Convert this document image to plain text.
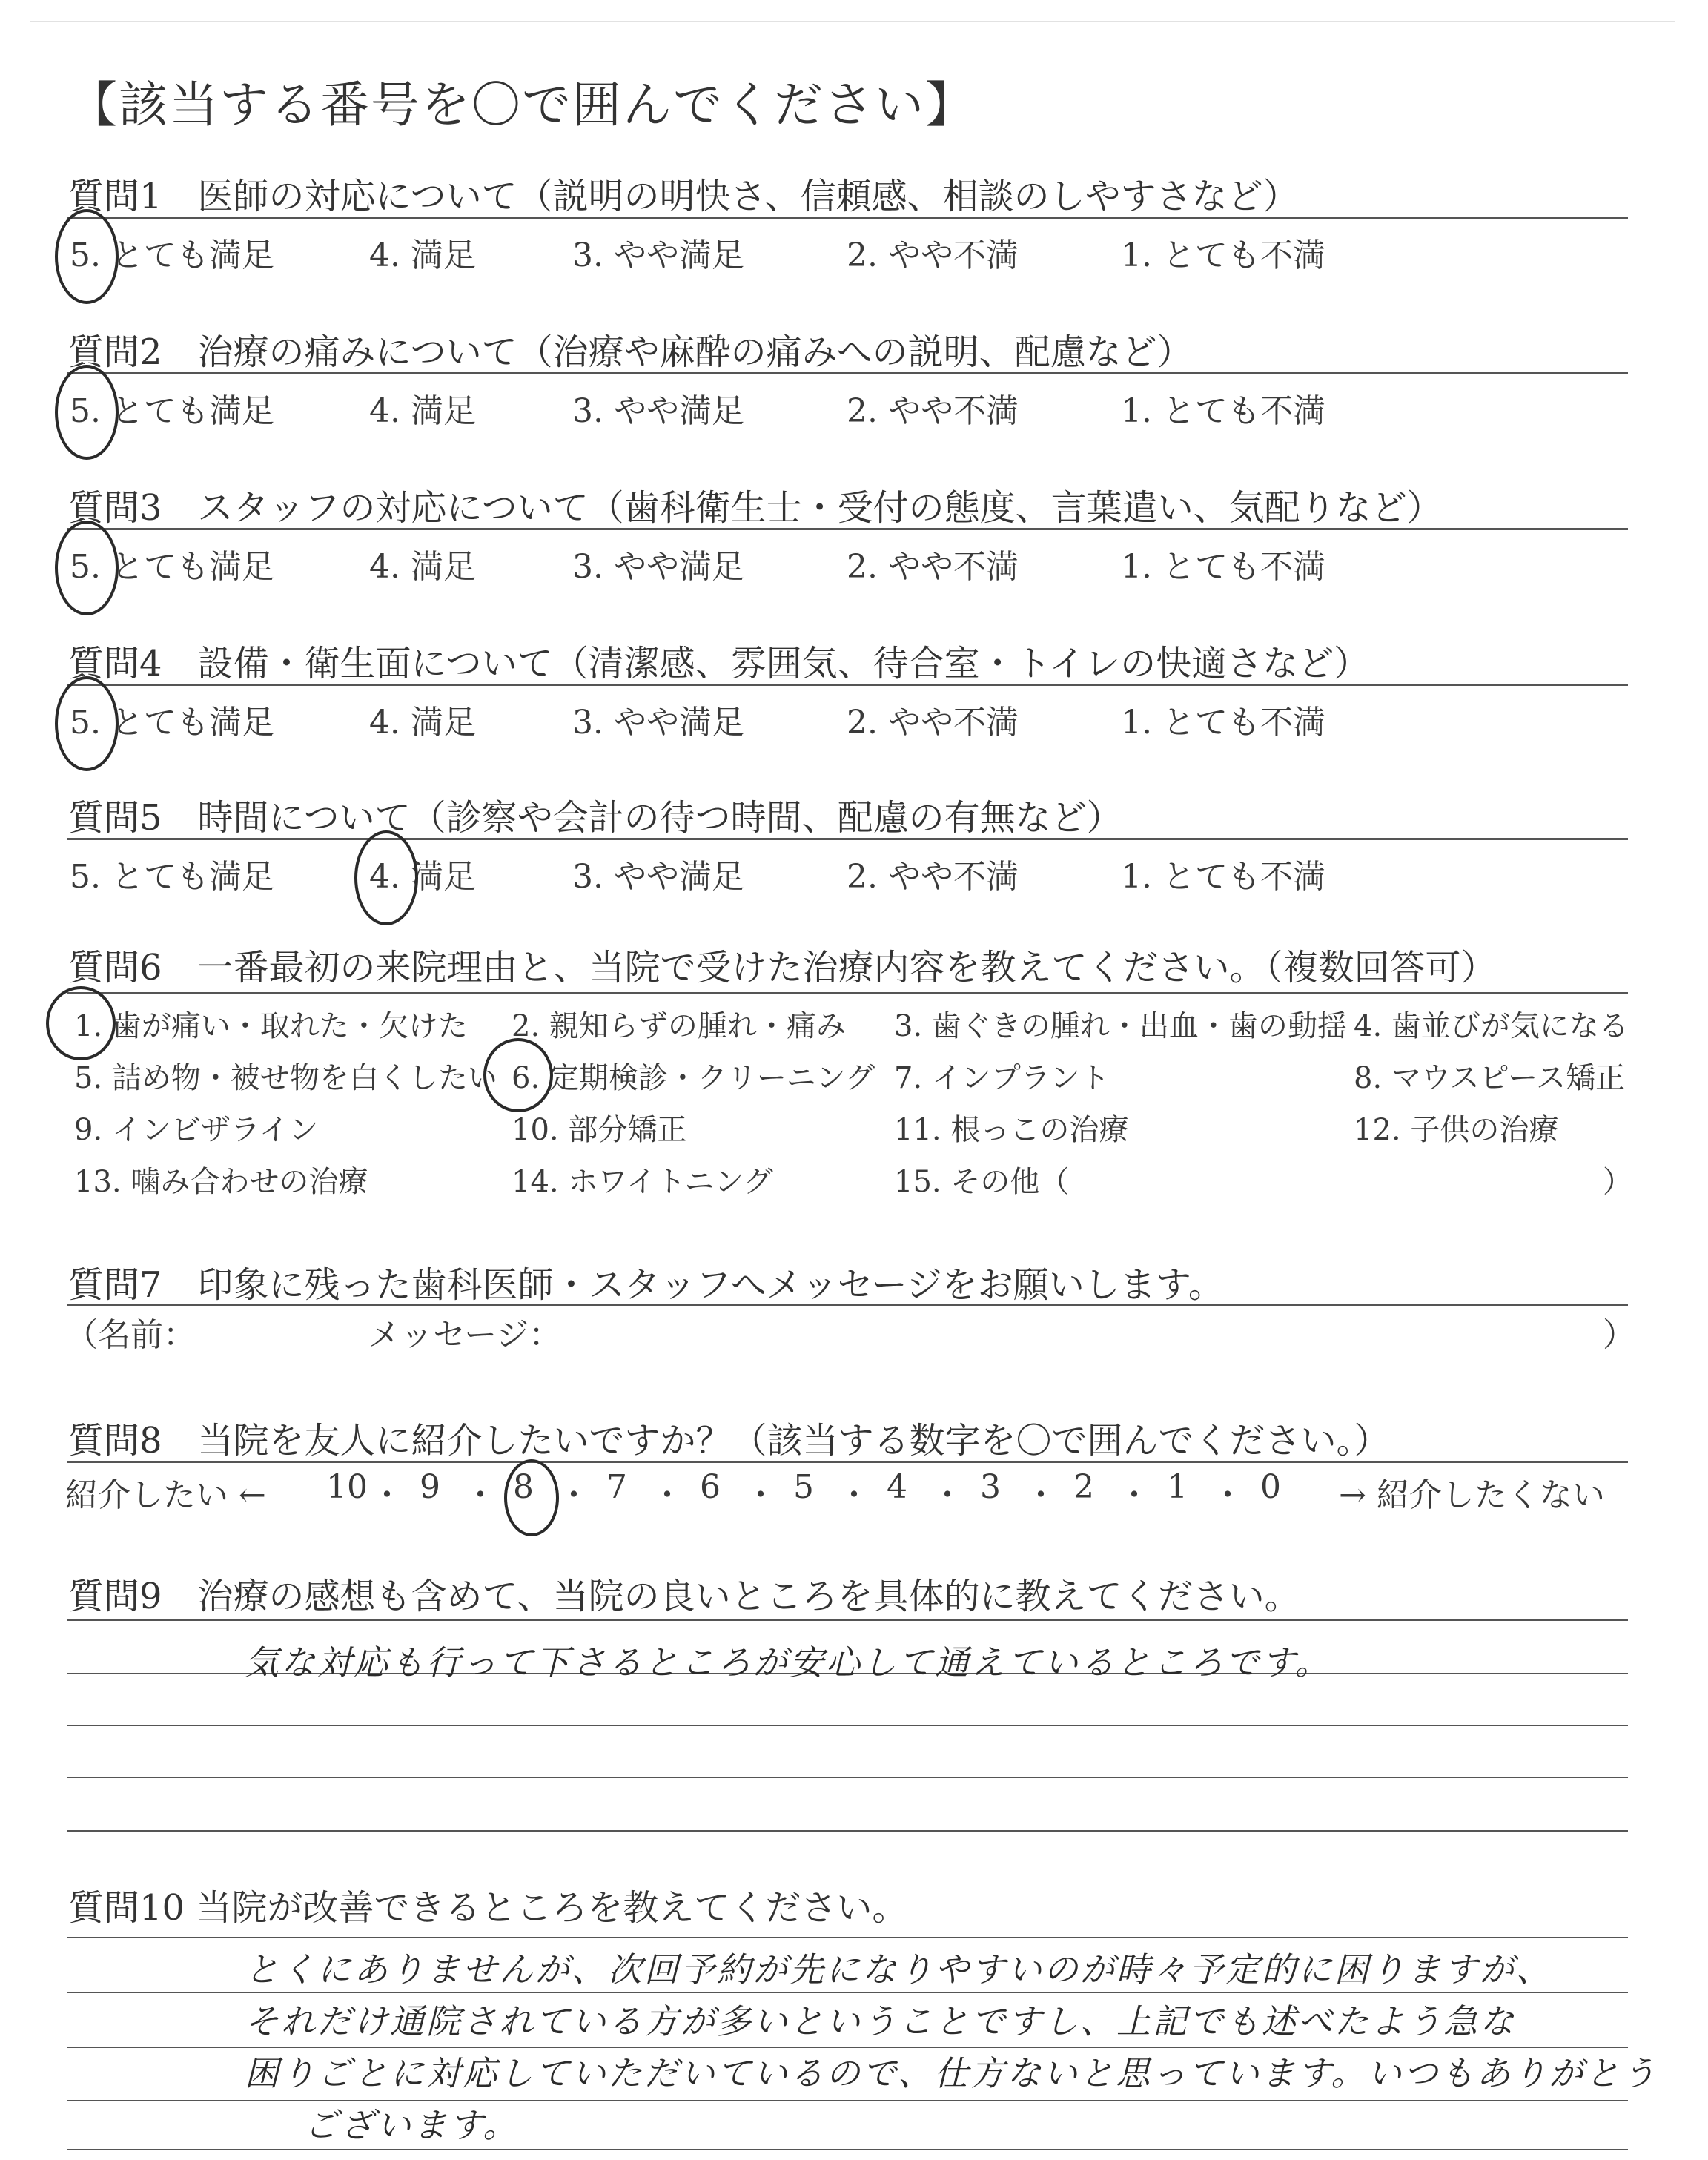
【該当する番号を〇で囲んでください】
質問1　医師の対応について（説明の明快さ、信頼感、相談のしやすさなど）
5. とても満足	4. 満足	3. やや満足	2. やや不満	1. とても不満
質問2　治療の痛みについて（治療や麻酔の痛みへの説明、配慮など）
5. とても満足	4. 満足	3. やや満足	2. やや不満	1. とても不満
質問3　スタッフの対応について（歯科衛生士・受付の態度、言葉遣い、気配りなど）
5. とても満足	4. 満足	3. やや満足	2. やや不満	1. とても不満
質問4　設備・衛生面について（清潔感、雰囲気、待合室・トイレの快適さなど）
5. とても満足	4. 満足	3. やや満足	2. やや不満	1. とても不満
質問5　時間について（診察や会計の待つ時間、配慮の有無など）
5. とても満足	4. 満足	3. やや満足	2. やや不満	1. とても不満
質問6　一番最初の来院理由と、当院で受けた治療内容を教えてください。（複数回答可）
1. 歯が痛い・取れた・欠けた 2. 親知らずの腫れ・痛み 3. 歯ぐきの腫れ・出血・歯の動揺 4. 歯並びが気になる
5. 詰め物・被せ物を白くしたい 6. 定期検診・クリーニング 7. インプラント	8. マウスピース矯正
9. インビザライン	10. 部分矯正	11. 根っこの治療	12. 子供の治療
13. 噛み合わせの治療	14. ホワイトニング	15. その他（	）
質問7　印象に残った歯科医師・スタッフへメッセージをお願いします。
（名前：	メッセージ：	）
質問8　当院を友人に紹介したいですか？（該当する数字を〇で囲んでください。）
紹介したい ←	→ 紹介したくない
10 ・ 9 ・ 8 ・ 7 ・ 6 ・ 5 ・ 4 ・ 3 ・ 2 ・ 1 ・ 0
質問9　治療の感想も含めて、当院の良いところを具体的に教えてください。
気な対応も行って下さるところが安心して通えているところです。
質問10 当院が改善できるところを教えてください。
とくにありませんが、次回予約が先になりやすいのが時々予定的に困りますが、
それだけ通院されている方が多いということですし、上記でも述べたよう急な
困りごとに対応していただいているので、仕方ないと思っています。いつもありがとう
ございます。
